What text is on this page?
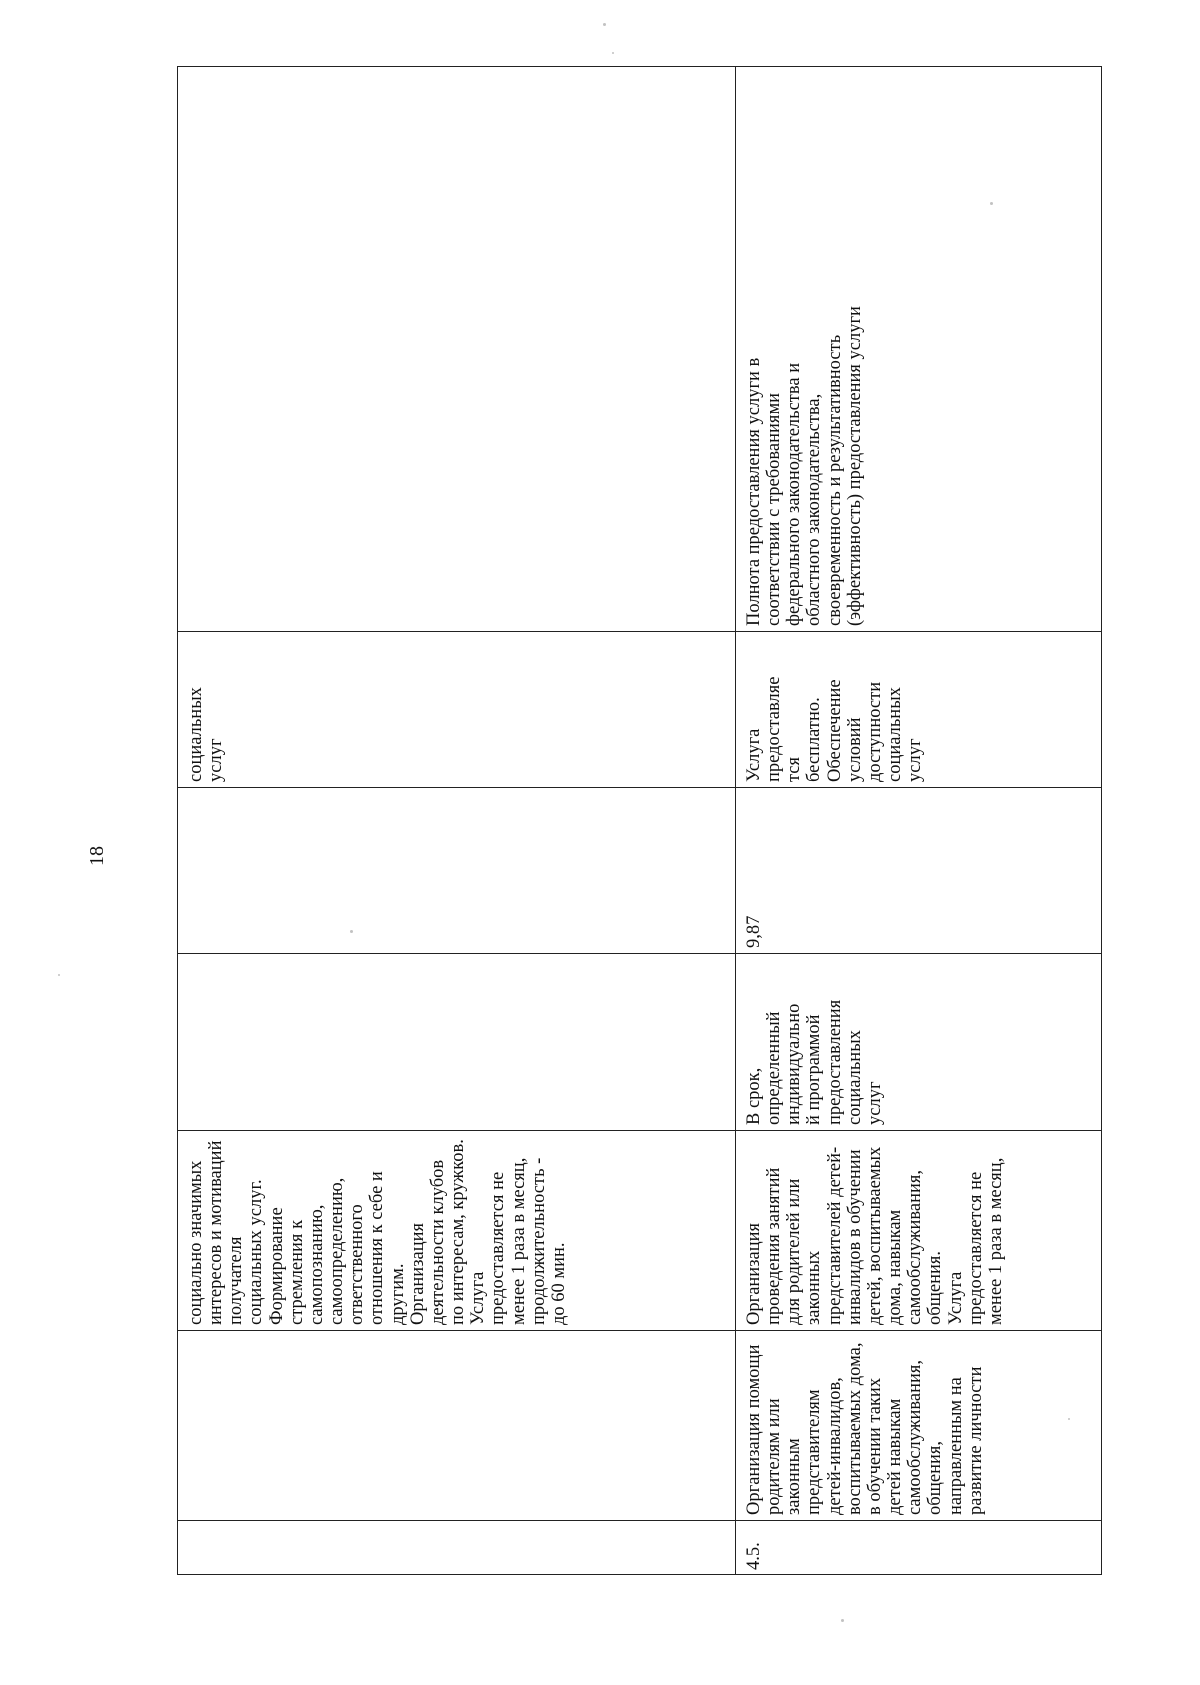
18
социально значимых
интересов и мотиваций
получателя
социальных услуг.
Формирование
стремления к
самопознанию,
самоопределению,
ответственного
отношения к себе и
другим.
Организация
деятельности клубов
по интересам, кружков.
Услуга
предоставляется не
менее 1 раза в месяц,
продолжительность -
до 60 мин.
социальных
услуг
4.5.
Организация помощи
родителям или
законным
представителям
детей-инвалидов,
воспитываемых дома,
в обучении таких
детей навыкам
самообслуживания,
общения,
направленным на
развитие личности
Организация
проведения занятий
для родителей или
законных
представителей детей-
инвалидов в обучении
детей, воспитываемых
дома, навыкам
самообслуживания,
общения.
Услуга
предоставляется не
менее 1 раза в месяц,
В срок,
определенный
индивидуально
й программой
предоставления
социальных
услуг
9,87
Услуга
предоставляе
тся
бесплатно.
Обеспечение
условий
доступности
социальных
услуг
Полнота предоставления услуги в
соответствии с требованиями
федерального законодательства и
областного законодательства,
своевременность и результативность
(эффективность) предоставления услуги
